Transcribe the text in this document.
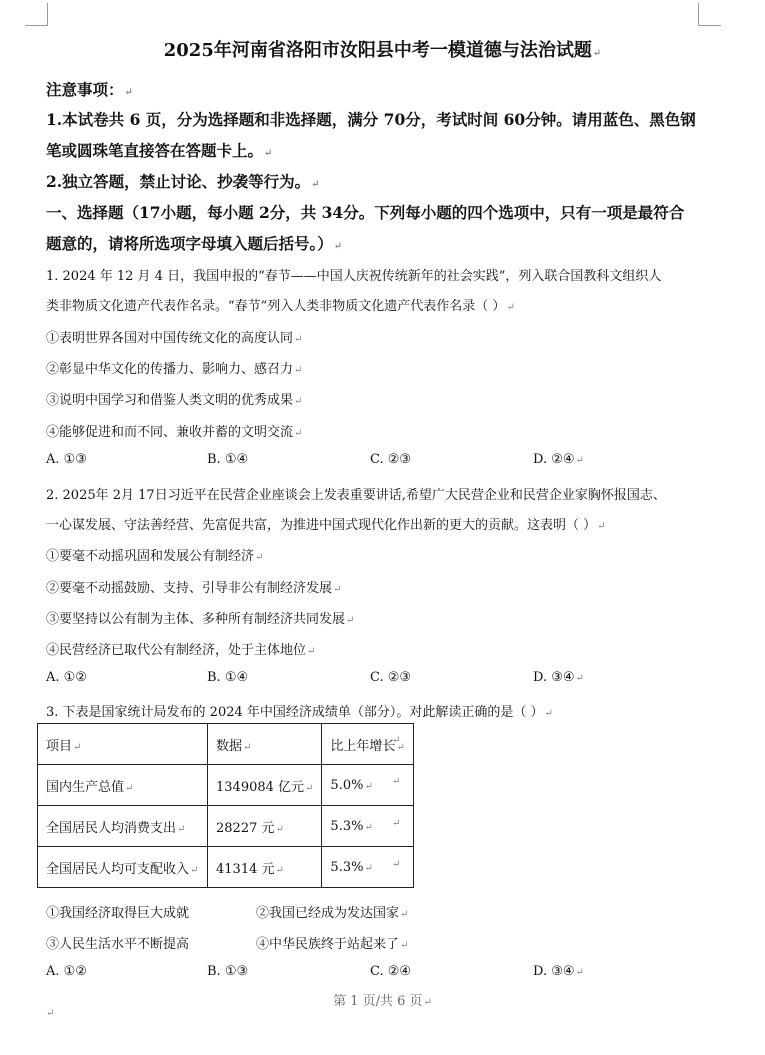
2025年河南省洛阳市汝阳县中考一模道德与法治试题↵
注意事项：↵
1.本试卷共 6 页，分为选择题和非选择题，满分 70分，考试时间 60分钟。请用蓝色、黑色钢
笔或圆珠笔直接答在答题卡上。↵
2.独立答题，禁止讨论、抄袭等行为。↵
一、选择题（17小题，每小题 2分，共 34分。下列每小题的四个选项中，只有一项是最符合
题意的，请将所选项字母填入题后括号。）↵
1. 2024 年 12 月 4 日，我国申报的“春节——中国人庆祝传统新年的社会实践”，列入联合国教科文组织人
类非物质文化遗产代表作名录。“春节”列入人类非物质文化遗产代表作名录（ ）↵
①表明世界各国对中国传统文化的高度认同↵
②彰显中华文化的传播力、影响力、感召力↵
③说明中国学习和借鉴人类文明的优秀成果↵
④能够促进和而不同、兼收并蓄的文明交流↵
A. ①③	B. ①④	C. ②③	D. ②④↵
2. 2025年 2月 17日习近平在民营企业座谈会上发表重要讲话,希望广大民营企业和民营企业家胸怀报国志、
一心谋发展、守法善经营、先富促共富，为推进中国式现代化作出新的更大的贡献。这表明（ ）↵
①要毫不动摇巩固和发展公有制经济↵
②要毫不动摇鼓励、支持、引导非公有制经济发展↵
③要坚持以公有制为主体、多种所有制经济共同发展↵
④民营经济已取代公有制经济，处于主体地位↵
A. ①②	B. ①④	C. ②③	D. ③④↵
3. 下表是国家统计局发布的 2024 年中国经济成绩单（部分）。对此解读正确的是（ ）↵
项目↵	数据↵	比上年增长↵
国内生产总值↵	1349084 亿元↵	5.0%↵
全国居民人均消费支出↵	28227 元↵	5.3%↵
全国居民人均可支配收入↵	41314 元↵	5.3%↵
↵
↵
↵
↵
①我国经济取得巨大成就	②我国已经成为发达国家↵
③人民生活水平不断提高	④中华民族终于站起来了↵
A. ①②	B. ①③	C. ②④	D. ③④↵
第 1 页/共 6 页↵
↵
